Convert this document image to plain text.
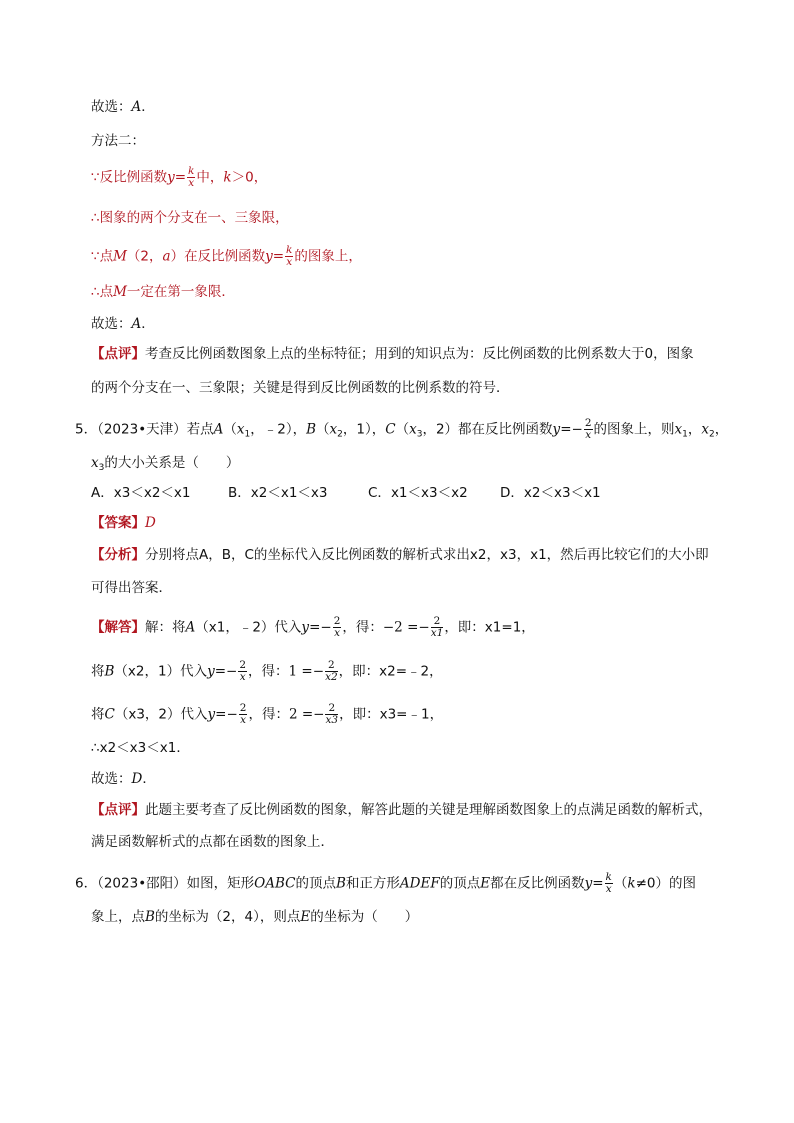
故选：A．
方法二：
∵反比例函数$y= \frac{k}{x}$ 中，k＞0，
∴图象的两个分支在一、三象限，
∵点M（2，a）在反比例函数$y= \frac{k}{x}$ 的图象上，
∴点M一定在第一象限．
故选：A．
【点评】考查反比例函数图象上点的坐标特征；用到的知识点为：反比例函数的比例系数大于0，图象
的两个分支在一、三象限；关键是得到反比例函数的比例系数的符号．
5．（2023•天津）若点$A(x_1$，﹣2），$B(x_2$，1），$C(x_3$，2）都在反比例函数$y=- \frac{2}{x}$ 的图象上，则$x_1$，$x_2$，
$x_3$的大小关系是（　　）
A．x3＜x2＜x1	B．x2＜x1＜x3	C．x1＜x3＜x2 D．x2＜x3＜x1
【答案】D
【分析】分别将点A，B，C的坐标代入反比例函数的解析式求出x2，x3，x1，然后再比较它们的大小即
可得出答案．
【解答】解：将A（x1，﹣2）代入$y=- \frac{2}{x}$ ，得：$-2 =- \frac{2}{x1}$ ，即：x1=1，
将B（x2，1）代入$y=- \frac{2}{x}$ ，得：$1 =- \frac{2}{x2}$ ，即：x2=﹣2，
将C（x3，2）代入$y=- \frac{2}{x}$ ，得：$2 =- \frac{2}{x3}$ ，即：x3=﹣1，
∴x2＜x3＜x1．
故选：D．
【点评】此题主要考查了反比例函数的图象，解答此题的关键是理解函数图象上的点满足函数的解析式，
满足函数解析式的点都在函数的图象上．
6．（2023•邵阳）如图，矩形OABC的顶点B和正方形ADEF的顶点E都在反比例函数$y= \frac{k}{x} (k\ne 0)$的图
象上，点B的坐标为（2，4），则点E的坐标为（　　）
